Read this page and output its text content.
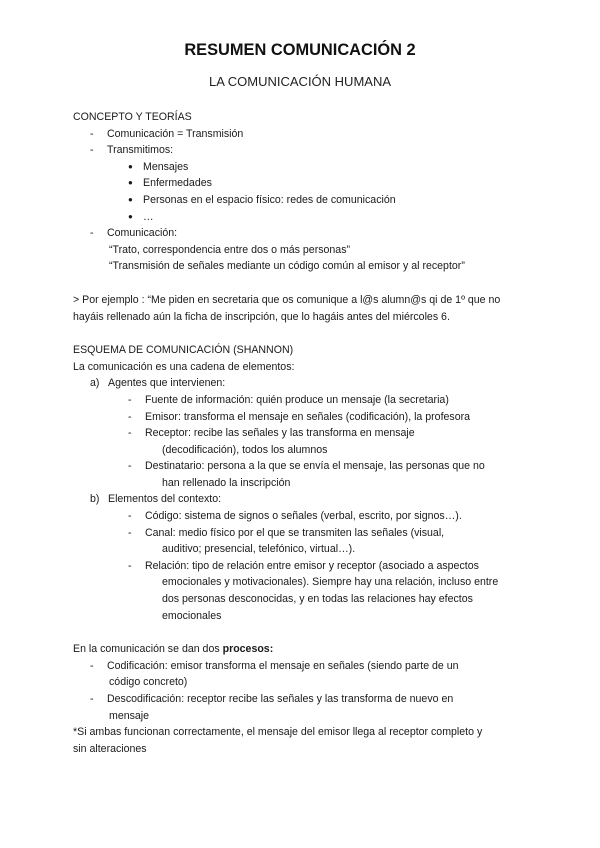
RESUMEN COMUNICACIÓN 2
LA COMUNICACIÓN HUMANA

CONCEPTO Y TEORÍAS

-	Comunicación = Transmisión
-	Transmitimos:
● Mensajes
● Enfermedades
● Personas en el espacio físico: redes de comunicación
● …
-	Comunicación:

“Trato, correspondencia entre dos o más personas”

“Transmisión de señales mediante un código común al emisor y al receptor”

> Por ejemplo : “Me piden en secretaria que os comunique a l@s alumn@s qi de 1º que no

hayáis rellenado aún la ficha de inscripción, que lo hagáis antes del miércoles 6.

ESQUEMA DE COMUNICACIÓN (SHANNON)

La comunicación es una cadena de elementos:

a) Agentes que intervienen:
-	Fuente de información: quién produce un mensaje (la secretaria)
-	Emisor: transforma el mensaje en señales (codificación), la profesora
-	Receptor: recibe las señales y las transforma en mensaje

(decodificación), todos los alumnos

-	Destinatario: persona a la que se envía el mensaje, las personas que no

han rellenado la inscripción

b) Elementos del contexto:
-	Código: sistema de signos o señales (verbal, escrito, por signos…).
-	Canal: medio físico por el que se transmiten las señales (visual,

auditivo; presencial, telefónico, virtual…).

-	Relación: tipo de relación entre emisor y receptor (asociado a aspectos

emocionales y motivacionales). Siempre hay una relación, incluso entre

dos personas desconocidas, y en todas las relaciones hay efectos

emocionales

En la comunicación se dan dos procesos:

-	Codificación: emisor transforma el mensaje en señales (siendo parte de un

código concreto)

-	Descodificación: receptor recibe las señales y las transforma de nuevo en

mensaje

*Si ambas funcionan correctamente, el mensaje del emisor llega al receptor completo y

sin alteraciones
